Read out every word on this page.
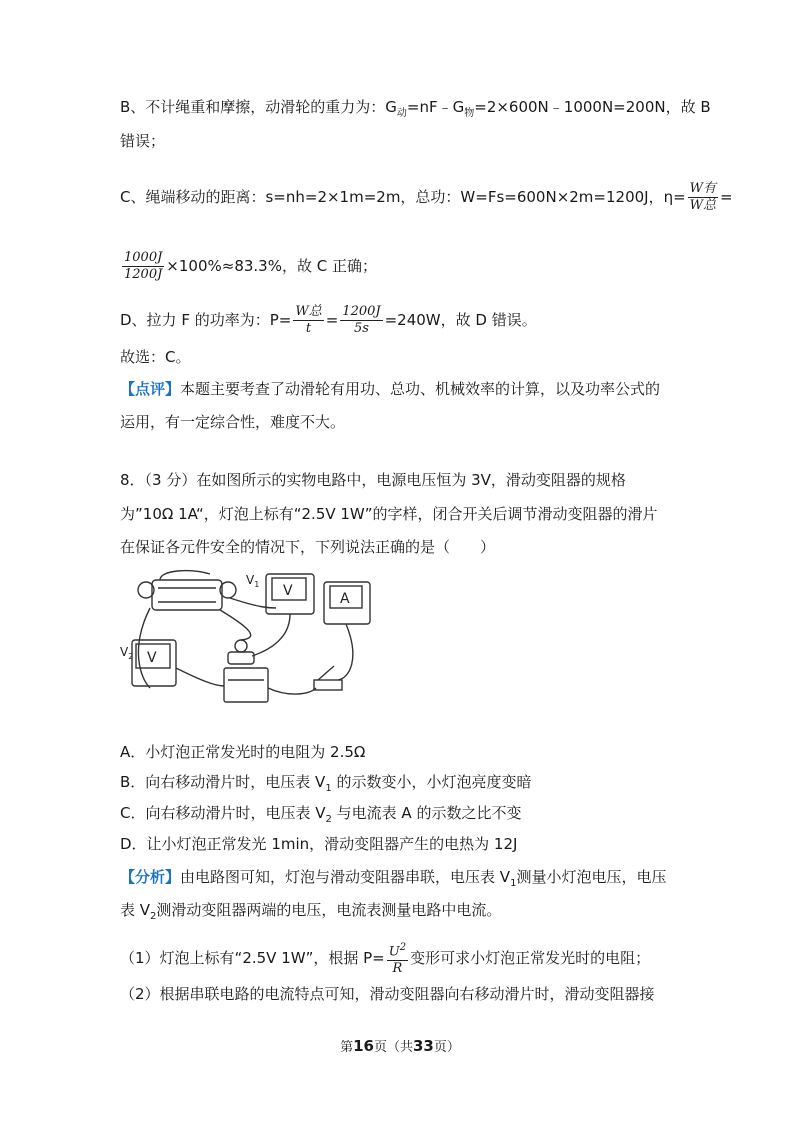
B、不计绳重和摩擦，动滑轮的重力为：$G_动=nF﹣G_物=2\times 600N﹣1000N=200N$，故 B
错误；
C、绳端移动的距离：s=nh=2×1m=2m，总功：W=Fs=600N×2m=1200J，$\eta= \frac{\text{W有}}{\text{W总}}$ =
$\frac{1000J}{1200J} \times 100\%\approx 83.3\%$，故 C 正确；
D、拉力 F 的功率为：$P= \frac{\text{W总}}{t} = \frac{1200J}{5s} =240W$，故 D 错误。
故选：C。
【点评】本题主要考查了动滑轮有用功、总功、机械效率的计算，以及功率公式的
运用，有一定综合性，难度不大。
8．（3 分）在如图所示的实物电路中，电源电压恒为 3V，滑动变阻器的规格
为”10Ω 1A“，灯泡上标有“2.5V 1W”的字样，闭合开关后调节滑动变阻器的滑片
在保证各元件安全的情况下，下列说法正确的是（　　）
$V_1$ V	A
$V_2$ V
A．小灯泡正常发光时的电阻为 2.5Ω
B．向右移动滑片时，电压表 $V_1$ 的示数变小，小灯泡亮度变暗
C．向右移动滑片时，电压表 $V_2$ 与电流表 A 的示数之比不变
D．让小灯泡正常发光 1min，滑动变阻器产生的电热为 12J
【分析】由电路图可知，灯泡与滑动变阻器串联，电压表 $V_1$测量小灯泡电压，电压
表 $V_2$测滑动变阻器两端的电压，电流表测量电路中电流。
（1）灯泡上标有“2.5V 1W”，根据 $P= \frac{U^2}{R}$ 变形可求小灯泡正常发光时的电阻；
（2）根据串联电路的电流特点可知，滑动变阻器向右移动滑片时，滑动变阻器接
第16页（共33页）
